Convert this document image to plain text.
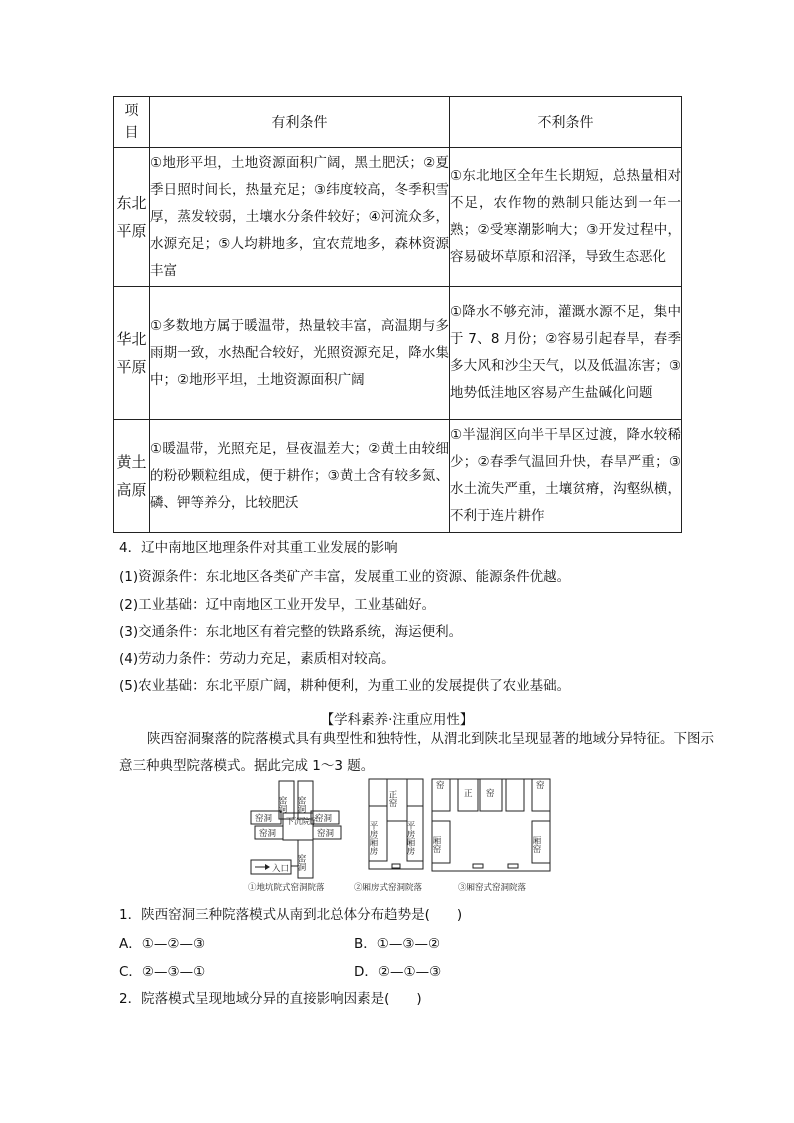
项目	有利条件	不利条件
东北平原	①地形平坦，土地资源面积广阔，黑土肥沃；②夏季日照时间长，热量充足；③纬度较高，冬季积雪厚，蒸发较弱，土壤水分条件较好；④河流众多，水源充足；⑤人均耕地多，宜农荒地多，森林资源丰富	①东北地区全年生长期短，总热量相对不足，农作物的熟制只能达到一年一熟；②受寒潮影响大；③开发过程中，容易破坏草原和沼泽，导致生态恶化
华北平原	①多数地方属于暖温带，热量较丰富，高温期与多雨期一致，水热配合较好，光照资源充足，降水集中；②地形平坦，土地资源面积广阔	①降水不够充沛，灌溉水源不足，集中于 7、8 月份；②容易引起春旱，春季多大风和沙尘天气，以及低温冻害；③地势低洼地区容易产生盐碱化问题
黄土高原	①暖温带，光照充足，昼夜温差大；②黄土由较细的粉砂颗粒组成，便于耕作；③黄土含有较多氮、磷、钾等养分，比较肥沃	①半湿润区向半干旱区过渡，降水较稀少；②春季气温回升快，春旱严重；③水土流失严重，土壤贫瘠，沟壑纵横，不利于连片耕作
4．辽中南地区地理条件对其重工业发展的影响
(1)资源条件：东北地区各类矿产丰富，发展重工业的资源、能源条件优越。
(2)工业基础：辽中南地区工业开发早，工业基础好。
(3)交通条件：东北地区有着完整的铁路系统，海运便利。
(4)劳动力条件：劳动力充足，素质相对较高。
(5)农业基础：东北平原广阔，耕种便利，为重工业的发展提供了农业基础。
【学科素养·注重应用性】
陕西窑洞聚落的院落模式具有典型性和独特性，从渭北到陕北呈现显著的地域分异特征。下图示意三种典型院落模式。据此完成 1～3 题。
窑洞 窑洞
窑洞
窑洞
窑洞
窑洞
窑洞
下沉院子
入口
正窑
平房厢房	平房厢房
窑
正 窑
窑
厢窑	厢窑
①地坑院式窑洞院落	②厢房式窑洞院落	③厢窑式窑洞院落
1．陕西窑洞三种院落模式从南到北总体分布趋势是(　　)
A．①—②—③	B．①—③—②
C．②—③—①	D．②—①—③
2．院落模式呈现地域分异的直接影响因素是(　　)
